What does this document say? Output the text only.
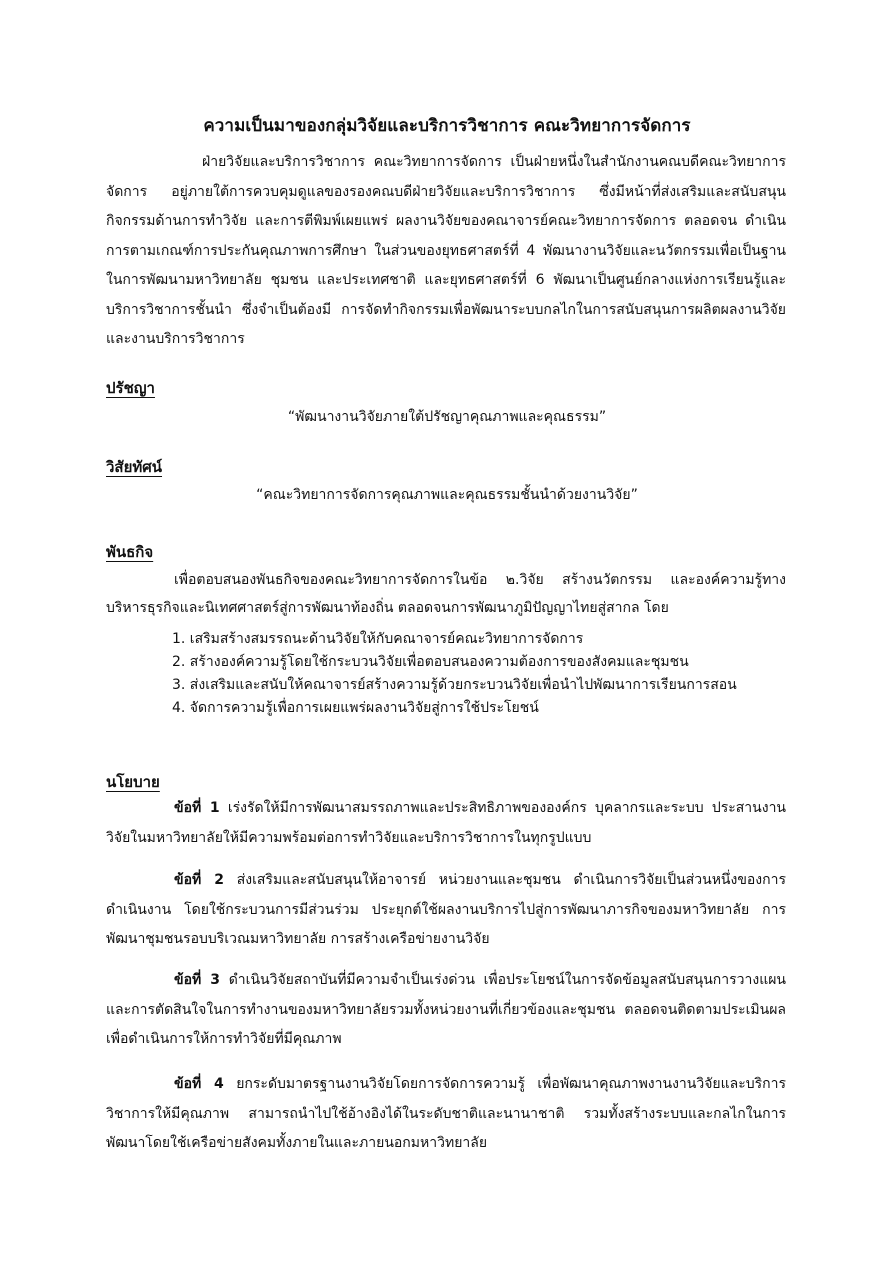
ความเป็นมาของกลุ่มวิจัยและบริการวิชาการ คณะวิทยาการจัดการ
ฝ่ายวิจัยและบริการวิชาการ คณะวิทยาการจัดการ เป็นฝ่ายหนึ่งในสำนักงานคณบดีคณะวิทยาการ จัดการ อยู่ภายใต้การควบคุมดูแลของรองคณบดีฝ่ายวิจัยและบริการวิชาการ ซึ่งมีหน้าที่ส่งเสริมและสนับสนุน กิจกรรมด้านการทำวิจัย และการตีพิมพ์เผยแพร่ ผลงานวิจัยของคณาจารย์คณะวิทยาการจัดการ ตลอดจน ดำเนินการตามเกณฑ์การประกันคุณภาพการศึกษา ในส่วนของยุทธศาสตร์ที่ 4 พัฒนางานวิจัยและนวัตกรรมเพื่อเป็นฐานในการพัฒนามหาวิทยาลัย ชุมชน และประเทศชาติ และยุทธศาสตร์ที่ 6 พัฒนาเป็นศูนย์กลางแห่งการเรียนรู้และบริการวิชาการชั้นนำ ซึ่งจำเป็นต้องมี การจัดทำกิจกรรมเพื่อพัฒนาระบบกลไกในการสนับสนุนการผลิตผลงานวิจัยและงานบริการวิชาการ
ปรัชญา
“พัฒนางานวิจัยภายใต้ปรัชญาคุณภาพและคุณธรรม”
วิสัยทัศน์
“คณะวิทยาการจัดการคุณภาพและคุณธรรมชั้นนำด้วยงานวิจัย”
พันธกิจ
เพื่อตอบสนองพันธกิจของคณะวิทยาการจัดการในข้อ ๒.วิจัย สร้างนวัตกรรม และองค์ความรู้ทางบริหารธุรกิจและนิเทศศาสตร์สู่การพัฒนาท้องถิ่น ตลอดจนการพัฒนาภูมิปัญญาไทยสู่สากล โดย
1. เสริมสร้างสมรรถนะด้านวิจัยให้กับคณาจารย์คณะวิทยาการจัดการ
2. สร้างองค์ความรู้โดยใช้กระบวนวิจัยเพื่อตอบสนองความต้องการของสังคมและชุมชน
3. ส่งเสริมและสนับให้คณาจารย์สร้างความรู้ด้วยกระบวนวิจัยเพื่อนำไปพัฒนาการเรียนการสอน
4. จัดการความรู้เพื่อการเผยแพร่ผลงานวิจัยสู่การใช้ประโยชน์
นโยบาย
ข้อที่ 1 เร่งรัดให้มีการพัฒนาสมรรถภาพและประสิทธิภาพขององค์กร บุคลากรและระบบ ประสานงานวิจัยในมหาวิทยาลัยให้มีความพร้อมต่อการทำวิจัยและบริการวิชาการในทุกรูปแบบ
ข้อที่ 2 ส่งเสริมและสนับสนุนให้อาจารย์ หน่วยงานและชุมชน ดำเนินการวิจัยเป็นส่วนหนึ่งของการดำเนินงาน โดยใช้กระบวนการมีส่วนร่วม ประยุกต์ใช้ผลงานบริการไปสู่การพัฒนาภารกิจของมหาวิทยาลัย การพัฒนาชุมชนรอบบริเวณมหาวิทยาลัย การสร้างเครือข่ายงานวิจัย
ข้อที่ 3 ดำเนินวิจัยสถาบันที่มีความจำเป็นเร่งด่วน เพื่อประโยชน์ในการจัดข้อมูลสนับสนุนการวางแผนและการตัดสินใจในการทำงานของมหาวิทยาลัยรวมทั้งหน่วยงานที่เกี่ยวข้องและชุมชน ตลอดจนติดตามประเมินผล เพื่อดำเนินการให้การทำวิจัยที่มีคุณภาพ
ข้อที่ 4 ยกระดับมาตรฐานงานวิจัยโดยการจัดการความรู้ เพื่อพัฒนาคุณภาพงานงานวิจัยและบริการวิชาการให้มีคุณภาพ สามารถนำไปใช้อ้างอิงได้ในระดับชาติและนานาชาติ รวมทั้งสร้างระบบและกลไกในการพัฒนาโดยใช้เครือข่ายสังคมทั้งภายในและภายนอกมหาวิทยาลัย
